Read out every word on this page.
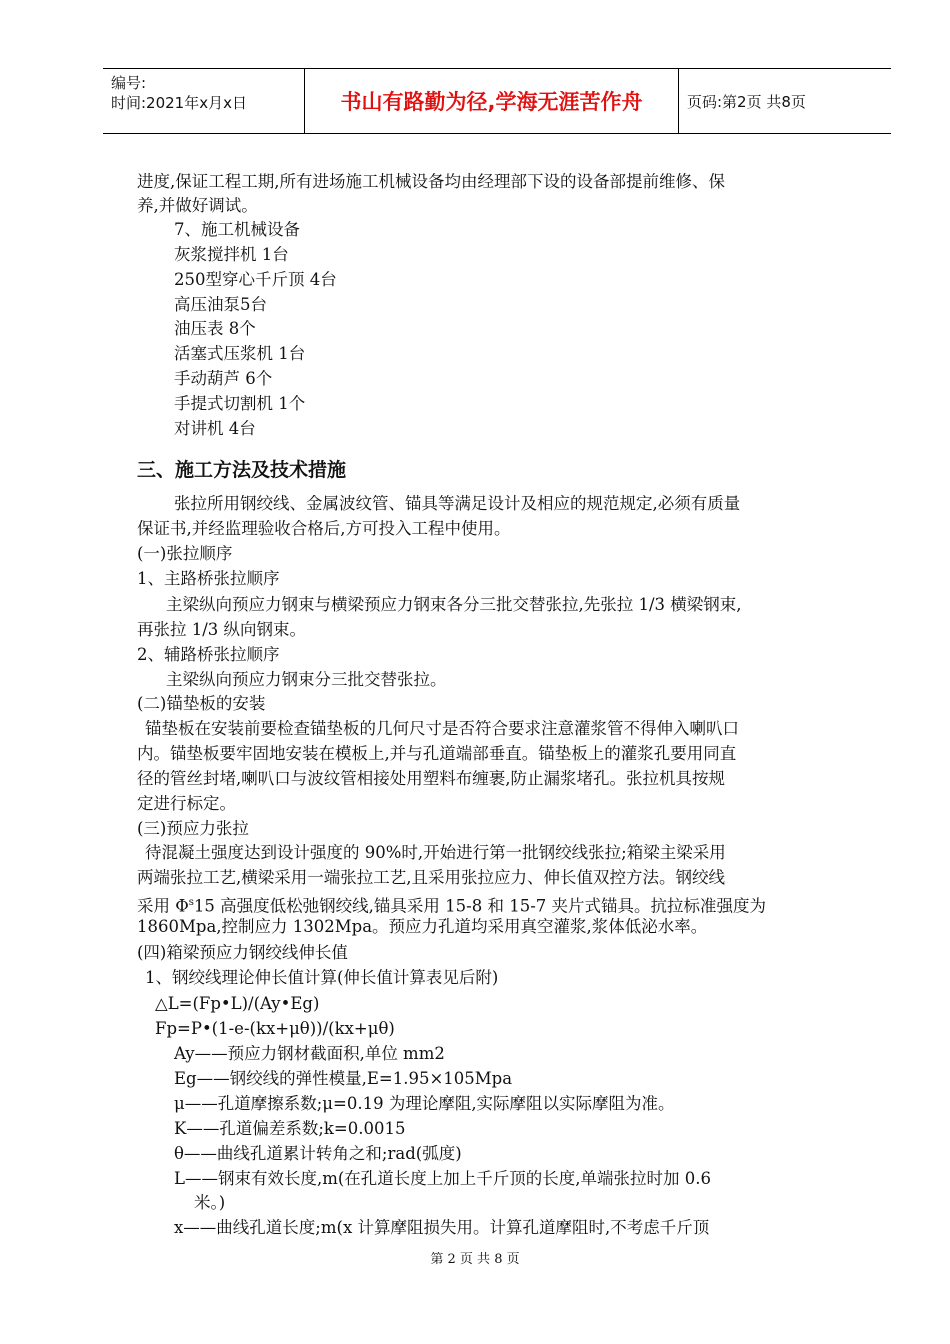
编号:
时间:2021年x月x日	书山有路勤为径,学海无涯苦作舟	页码:第2页 共8页
进度,保证工程工期,所有进场施工机械设备均由经理部下设的设备部提前维修、保
养,并做好调试。
7、施工机械设备
灰浆搅拌机 1台
250型穿心千斤顶 4台
高压油泵5台
油压表 8个
活塞式压浆机 1台
手动葫芦 6个
手提式切割机 1个
对讲机 4台
三、施工方法及技术措施
张拉所用钢绞线、金属波纹管、锚具等满足设计及相应的规范规定,必须有质量
保证书,并经监理验收合格后,方可投入工程中使用。
(一)张拉顺序
1、主路桥张拉顺序
主梁纵向预应力钢束与横梁预应力钢束各分三批交替张拉,先张拉 1/3 横梁钢束,
再张拉 1/3 纵向钢束。
2、辅路桥张拉顺序
主梁纵向预应力钢束分三批交替张拉。
(二)锚垫板的安装
锚垫板在安装前要检查锚垫板的几何尺寸是否符合要求注意灌浆管不得伸入喇叭口
内。锚垫板要牢固地安装在模板上,并与孔道端部垂直。锚垫板上的灌浆孔要用同直
径的管丝封堵,喇叭口与波纹管相接处用塑料布缠裹,防止漏浆堵孔。张拉机具按规
定进行标定。
(三)预应力张拉
待混凝土强度达到设计强度的 90%时,开始进行第一批钢绞线张拉;箱梁主梁采用
两端张拉工艺,横梁采用一端张拉工艺,且采用张拉应力、伸长值双控方法。钢绞线
采用 $\Phi^s15$ 高强度低松弛钢绞线,锚具采用 15-8 和 15-7 夹片式锚具。抗拉标准强度为
1860Mpa,控制应力 1302Mpa。预应力孔道均采用真空灌浆,浆体低泌水率。
(四)箱梁预应力钢绞线伸长值
1、钢绞线理论伸长值计算(伸长值计算表见后附)
△L=(Fp•L)/(Ay•Eg)
Fp=P•(1-e-(kx+μθ))/(kx+μθ)
Ay——预应力钢材截面积,单位 mm2
Eg——钢绞线的弹性模量,E=1.95×105Mpa
μ——孔道摩擦系数;μ=0.19 为理论摩阻,实际摩阻以实际摩阻为准。
K——孔道偏差系数;k=0.0015
θ——曲线孔道累计转角之和;rad(弧度)
L——钢束有效长度,m(在孔道长度上加上千斤顶的长度,单端张拉时加 0.6
米。)
x——曲线孔道长度;m(x 计算摩阻损失用。计算孔道摩阻时,不考虑千斤顶
第 2 页 共 8 页
